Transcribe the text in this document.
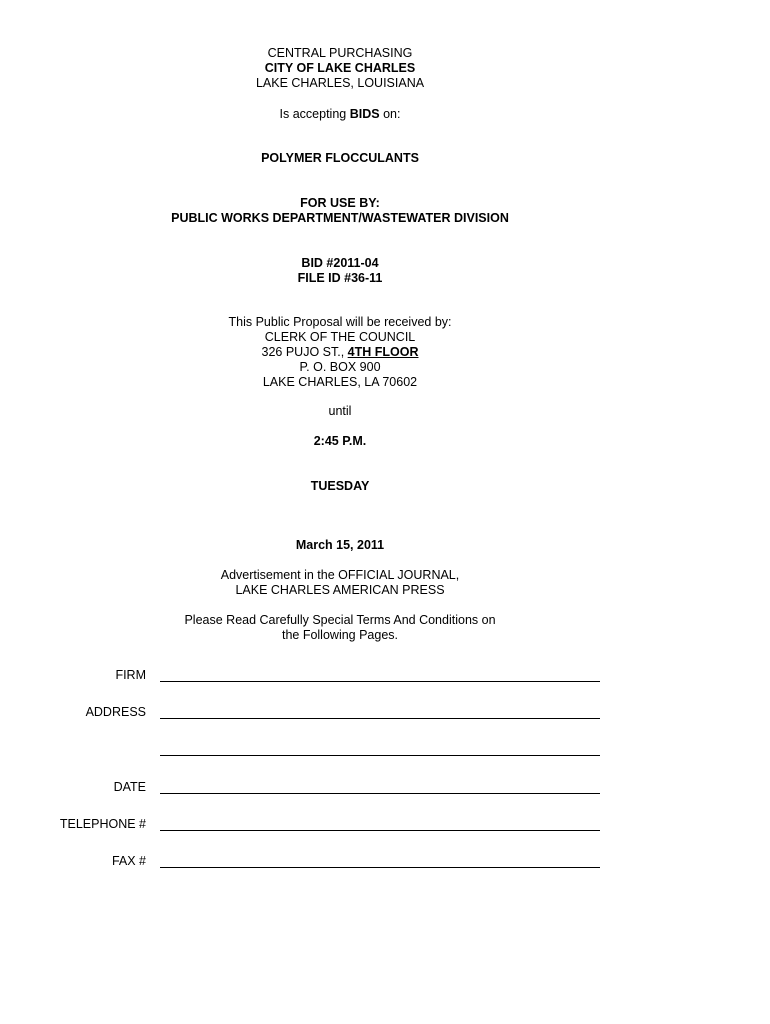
CENTRAL PURCHASING
CITY OF LAKE CHARLES
LAKE CHARLES, LOUISIANA
Is accepting BIDS on:
POLYMER FLOCCULANTS
FOR USE BY:
PUBLIC WORKS DEPARTMENT/WASTEWATER DIVISION
BID #2011-04
FILE ID #36-11
This Public Proposal will be received by:
CLERK OF THE COUNCIL
326 PUJO ST., 4TH FLOOR
P. O. BOX 900
LAKE CHARLES, LA 70602
until
2:45 P.M.
TUESDAY
March 15, 2011
Advertisement in the OFFICIAL JOURNAL,
LAKE CHARLES AMERICAN PRESS
Please Read Carefully Special Terms And Conditions on
the Following Pages.
FIRM
ADDRESS
DATE
TELEPHONE #
FAX #
